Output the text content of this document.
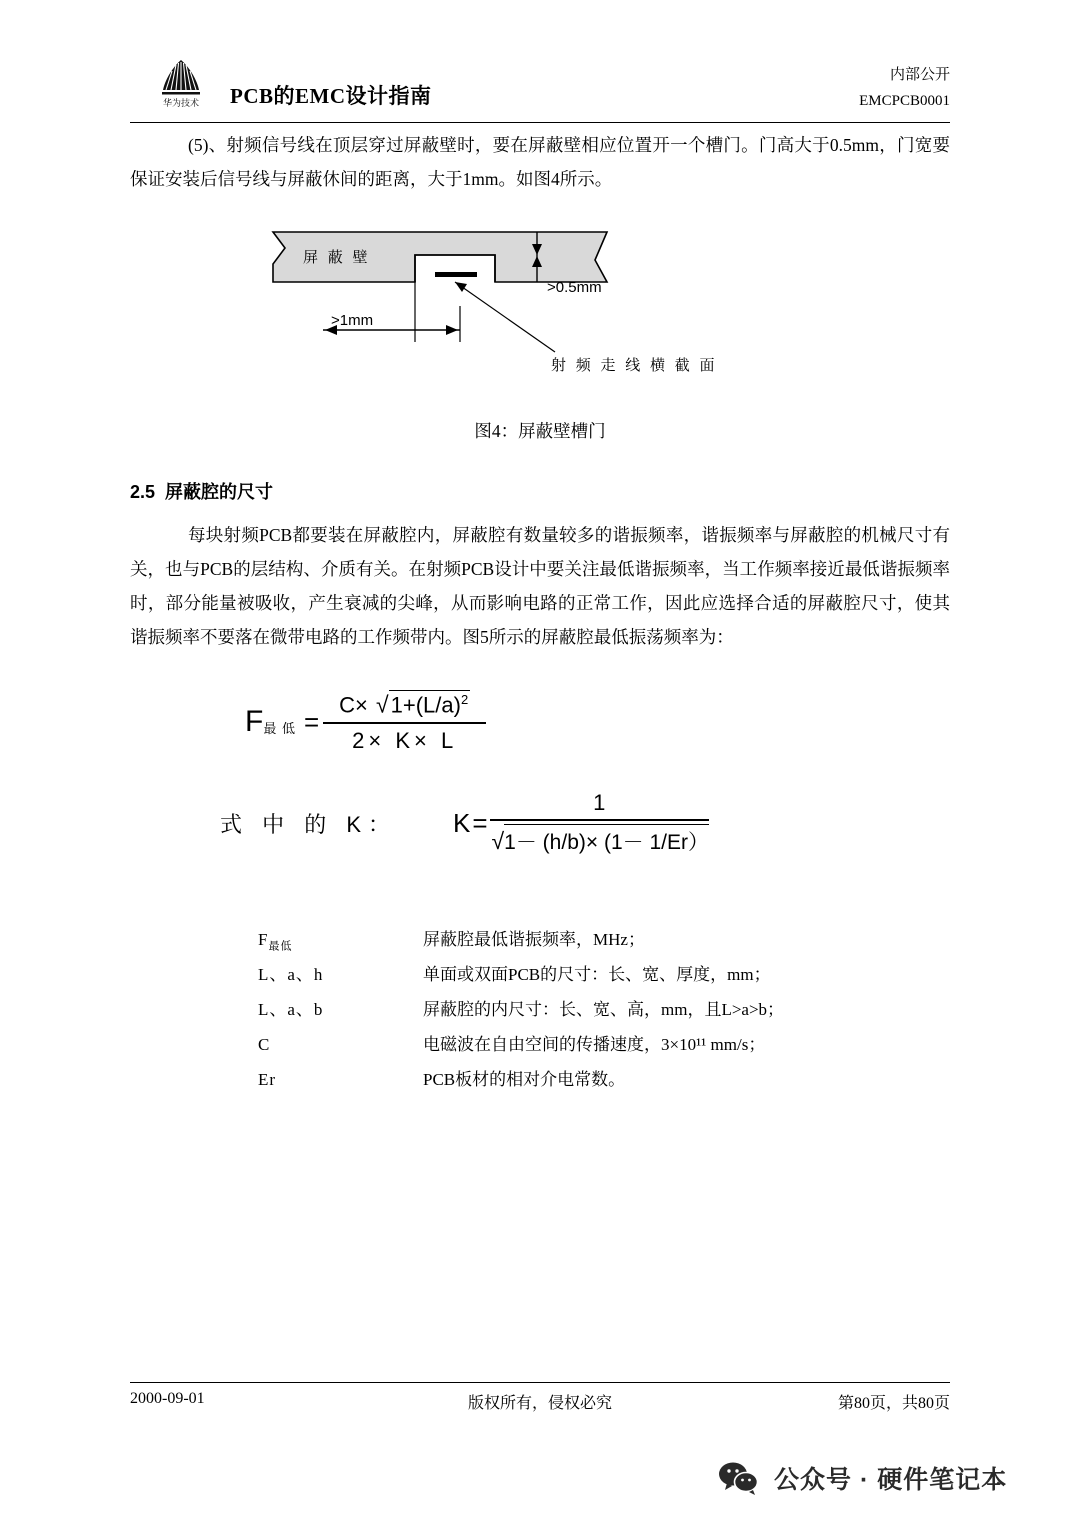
华为技术 PCB的EMC设计指南
内部公开
EMCPCB0001
(5)、射频信号线在顶层穿过屏蔽壁时，要在屏蔽壁相应位置开一个槽门。门高大于0.5mm，门宽要保证安装后信号线与屏蔽休间的距离，大于1mm。如图4所示。
屏 蔽 壁
>0.5mm
>1mm
射 频 走 线 横 截 面
图4：屏蔽壁槽门
2.5 屏蔽腔的尺寸
每块射频PCB都要装在屏蔽腔内，屏蔽腔有数量较多的谐振频率，谐振频率与屏蔽腔的机械尺寸有关，也与PCB的层结构、介质有关。在射频PCB设计中要关注最低谐振频率，当工作频率接近最低谐振频率时，部分能量被吸收，产生衰减的尖峰，从而影响电路的正常工作，因此应选择合适的屏蔽腔尺寸，使其谐振频率不要落在微带电路的工作频带内。图5所示的屏蔽腔最低振荡频率为：
$F_{最 低} = \frac{C\times √1+(L/a)^2}{2\times K\times L}$
式 中 的 K： K =
1
√1－ (h/b)× (1－ 1/Er）
$F_{最低}$	屏蔽腔最低谐振频率，MHz；
L、a、h	单面或双面PCB的尺寸：长、宽、厚度，mm；
L、a、b	屏蔽腔的内尺寸：长、宽、高，mm，且L>a>b；
C	电磁波在自由空间的传播速度，3×10¹¹ mm/s；
Er	PCB板材的相对介电常数。
版权所有，侵权必究
2000-09-01	第80页，共80页
公众号 · 硬件笔记本
